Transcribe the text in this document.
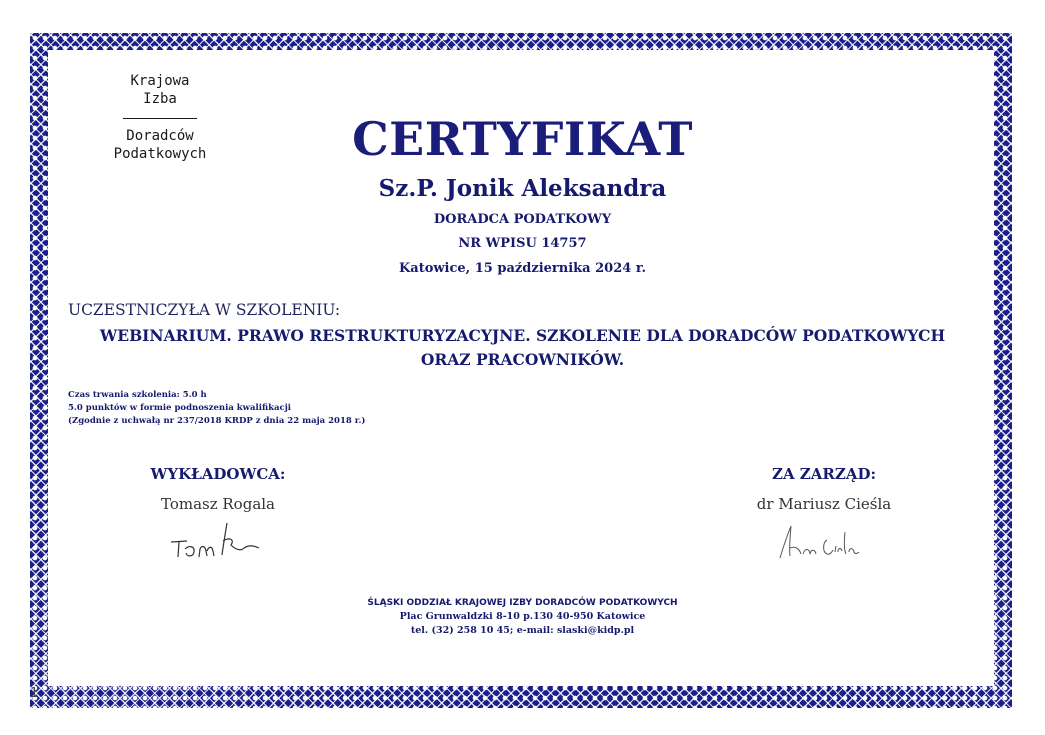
Krajowa
Izba
Doradców
Podatkowych	CERTYFIKAT
Sz.P. Jonik Aleksandra
DORADCA PODATKOWY
NR WPISU 14757
Katowice, 15 października 2024 r.
UCZESTNICZYŁA W SZKOLENIU:
WEBINARIUM. PRAWO RESTRUKTURYZACYJNE. SZKOLENIE DLA DORADCÓW PODATKOWYCH
ORAZ PRACOWNIKÓW.
Czas trwania szkolenia: 5.0 h
5.0 punktów w formie podnoszenia kwalifikacji
(Zgodnie z uchwałą nr 237/2018 KRDP z dnia 22 maja 2018 r.)
WYKŁADOWCA:
Tomasz Rogala
ZA ZARZĄD:
dr Mariusz Cieśla
ŚLĄSKI ODDZIAŁ KRAJOWEJ IZBY DORADCÓW PODATKOWYCH
Plac Grunwaldzki 8-10 p.130 40-950 Katowice
tel. (32) 258 10 45; e-mail: slaski@kidp.pl
1
